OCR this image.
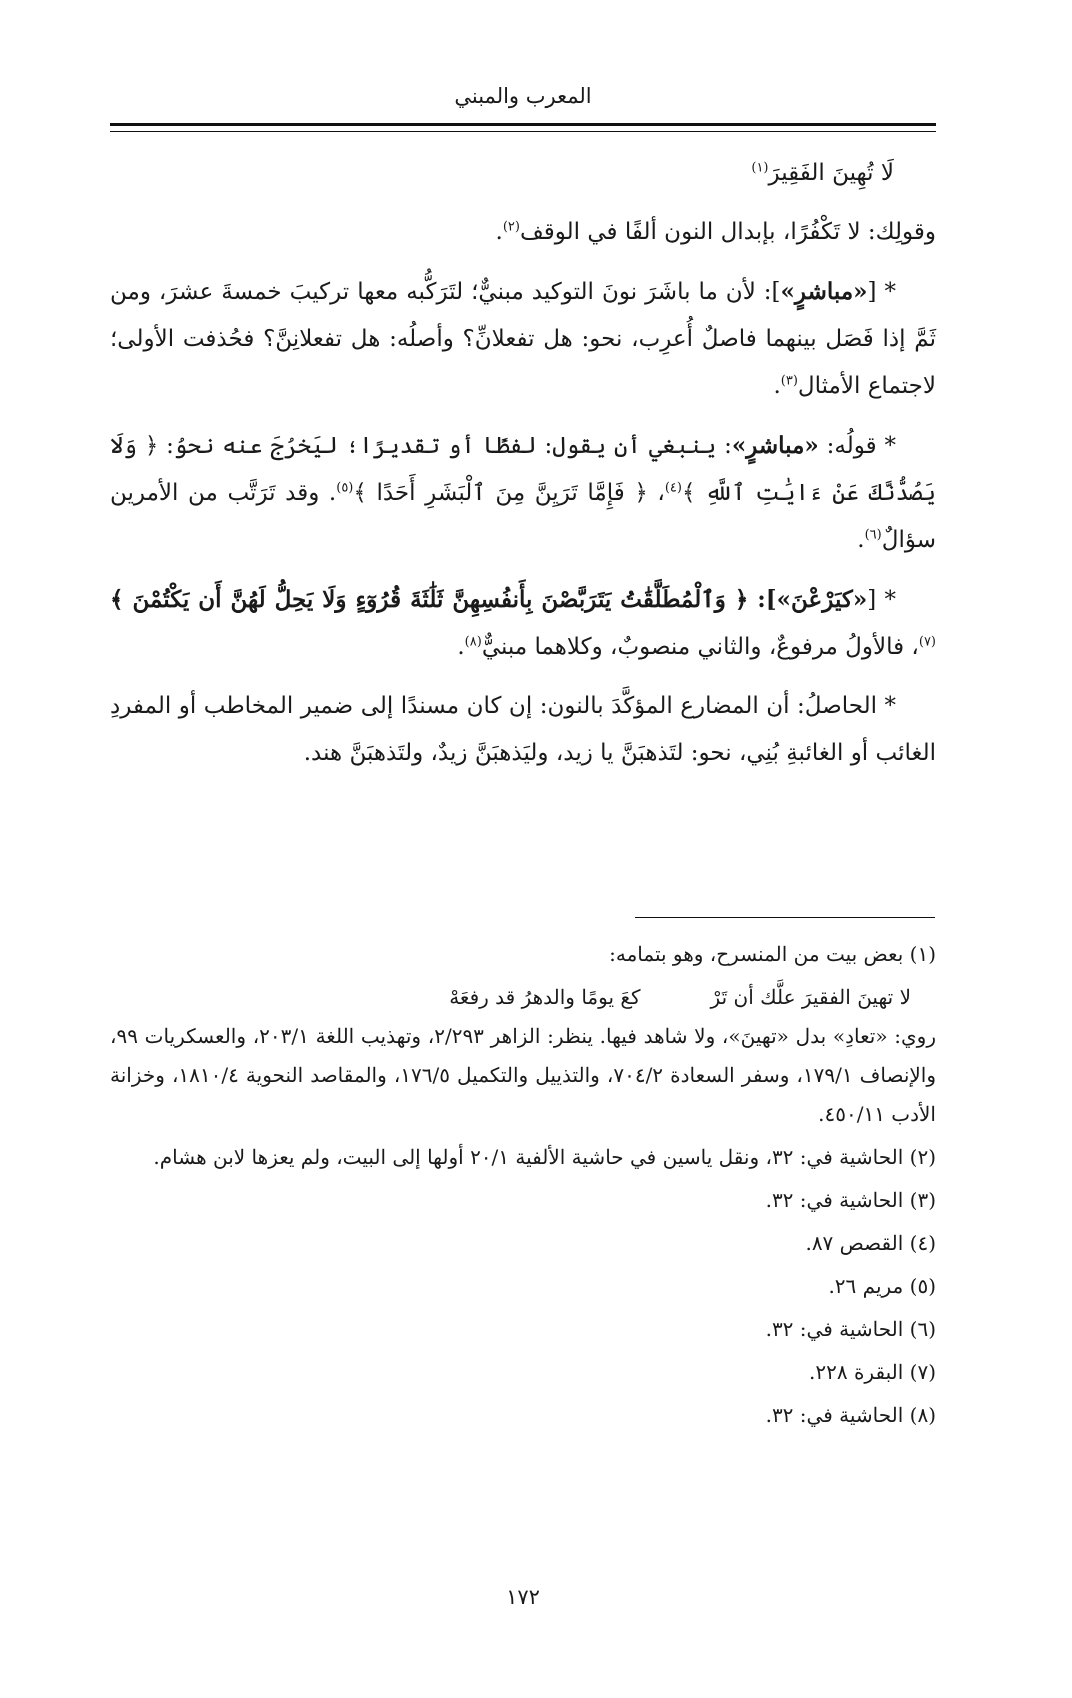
المعرب والمبني

لَا تُهِينَ الفَقِيرَ$^{(١)}$

وقولِك: لا تَكْفُرًا، بإبدال النون ألفًا في الوقف$^{(٢)}$.

* [«مباشرٍ»]: لأن ما باشَرَ نونَ التوكيد مبنيٌّ؛ لتَرَكُّبه معها تركيبَ خمسةَ عشرَ، ومن ثَمَّ إذا فَصَل بينهما فاصلٌ أُعرِب، نحو: هل تفعلانِّ؟ وأصلُه: هل تفعلانِنَّ؟ فحُذفت الأولى؛ لاجتماع الأمثال$^{(٣)}$.

* قولُه: «مباشرٍ»: ينبغي أن يقول: لفظًا أو تقديرًا؛ ليَخرُجَ عنه نحوُ: ﴿ وَلَا يَصُدُّنَّكَ عَنْ ءَايَٰتِ ٱللَّهِ ﴾$^{(٤)}$، ﴿ فَإِمَّا تَرَيِنَّ مِنَ ٱلْبَشَرِ أَحَدًا ﴾$^{(٥)}$. وقد تَرَتَّب من الأمرين سؤالٌ$^{(٦)}$.

* [«كيَرْعْنَ»]: ﴿ وَٱلْمُطَلَّقَٰتُ يَتَرَبَّصْنَ بِأَنفُسِهِنَّ ثَلَٰثَةَ قُرُوٓءٍ وَلَا يَحِلُّ لَهُنَّ أَن يَكْتُمْنَ ﴾$^{(٧)}$، فالأولُ مرفوعٌ، والثاني منصوبٌ، وكلاهما مبنيٌّ$^{(٨)}$.

* الحاصلُ: أن المضارع المؤكَّدَ بالنون: إن كان مسندًا إلى ضمير المخاطب أو المفردِ الغائب أو الغائبةِ بُنِي، نحو: لتَذهبَنَّ يا زيد، وليَذهبَنَّ زيدٌ، ولتَذهبَنَّ هند.

(١) بعض بيت من المنسرح، وهو بتمامه:

لا تهينَ الفقيرَ علَّك أن تَرْ
كعَ يومًا والدهرُ قد رفعَهْ

روي: «تعادِ» بدل «تهينَ»، ولا شاهد فيها. ينظر: الزاهر ٢/٢٩٣، وتهذيب اللغة ٢٠٣/١، والعسكريات ٩٩، والإنصاف ١٧٩/١، وسفر السعادة ٧٠٤/٢، والتذييل والتكميل ١٧٦/٥، والمقاصد النحوية ١٨١٠/٤، وخزانة الأدب ٤٥٠/١١.

(٢) الحاشية في: ٣٢، ونقل ياسين في حاشية الألفية ٢٠/١ أولها إلى البيت، ولم يعزها لابن هشام.

(٣) الحاشية في: ٣٢.

(٤) القصص ٨٧.

(٥) مريم ٢٦.

(٦) الحاشية في: ٣٢.

(٧) البقرة ٢٢٨.

(٨) الحاشية في: ٣٢.

١٧٢
